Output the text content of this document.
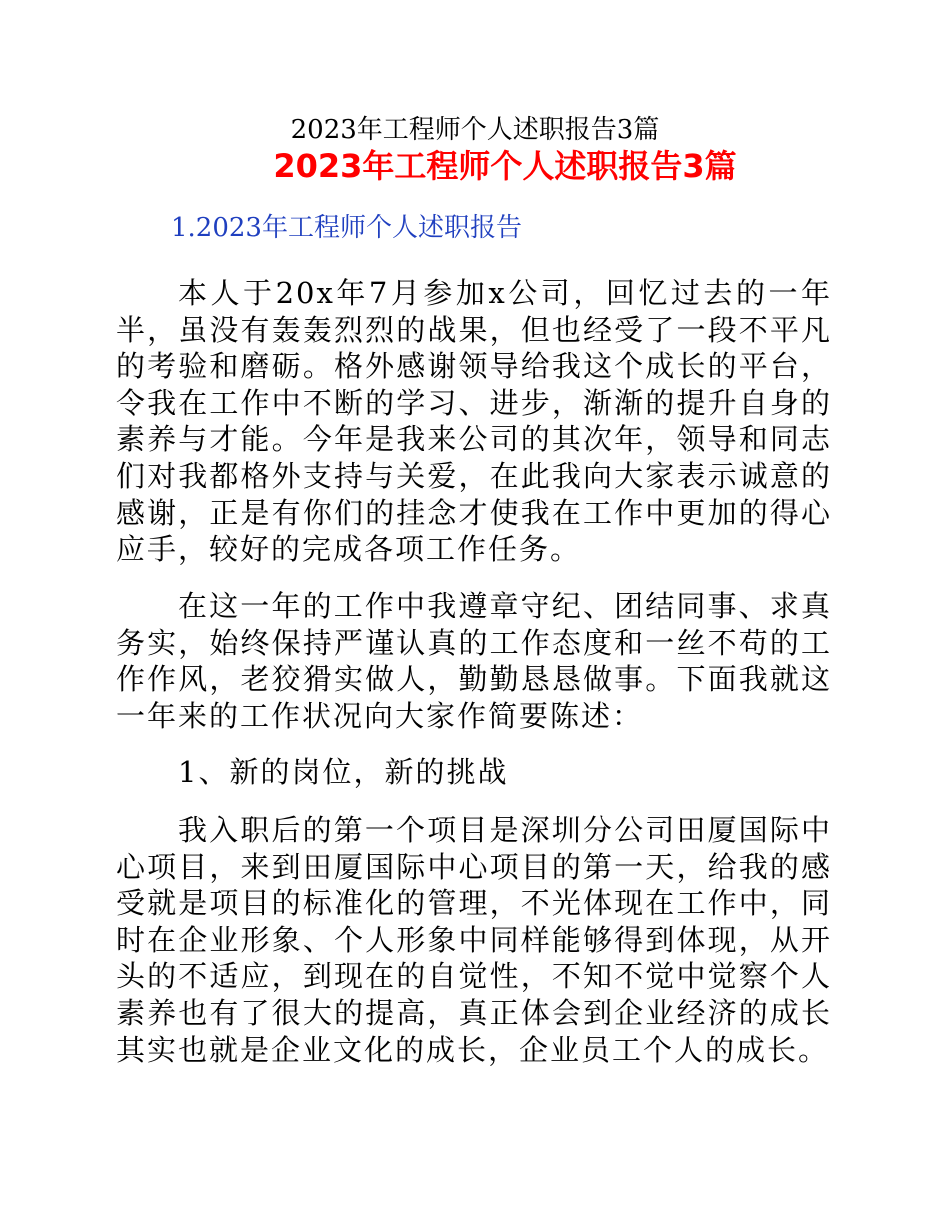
2023年工程师个人述职报告3篇
2023年工程师个人述职报告3篇
1.2023年工程师个人述职报告

本人于20x年7月参加x公司，回忆过去的一年半，虽没有轰轰烈烈的战果，但也经受了一段不平凡的考验和磨砺。格外感谢领导给我这个成长的平台，令我在工作中不断的学习、进步，渐渐的提升自身的素养与才能。今年是我来公司的其次年，领导和同志们对我都格外支持与关爱，在此我向大家表示诚意的感谢，正是有你们的挂念才使我在工作中更加的得心应手，较好的完成各项工作任务。

在这一年的工作中我遵章守纪、团结同事、求真务实，始终保持严谨认真的工作态度和一丝不苟的工作作风，老狡猾实做人，勤勤恳恳做事。下面我就这一年来的工作状况向大家作简要陈述：

1、新的岗位，新的挑战

我入职后的第一个项目是深圳分公司田厦国际中心项目，来到田厦国际中心项目的第一天，给我的感受就是项目的标准化的管理，不光体现在工作中，同时在企业形象、个人形象中同样能够得到体现，从开头的不适应，到现在的自觉性，不知不觉中觉察个人素养也有了很大的提高，真正体会到企业经济的成长其实也就是企业文化的成长，企业员工个人的成长。
